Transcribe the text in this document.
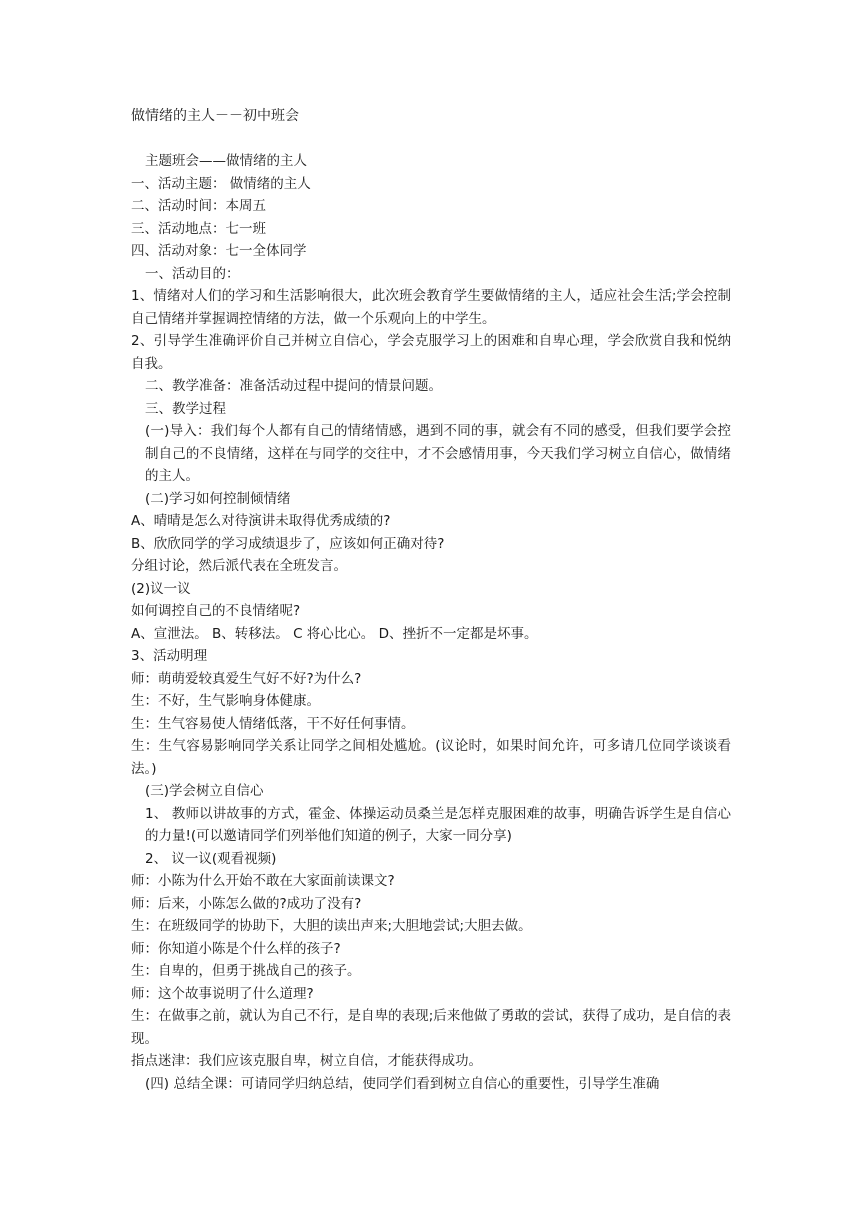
做情绪的主人－－初中班会
主题班会——做情绪的主人
一、活动主题： 做情绪的主人
二、活动时间：本周五
三、活动地点：七一班
四、活动对象：七一全体同学
一、活动目的：
1、情绪对人们的学习和生活影响很大，此次班会教育学生要做情绪的主人，适应社会生活;学会控制自己情绪并掌握调控情绪的方法，做一个乐观向上的中学生。
2、引导学生准确评价自己并树立自信心，学会克服学习上的困难和自卑心理，学会欣赏自我和悦纳自我。
二、教学准备：准备活动过程中提问的情景问题。
三、教学过程
(一)导入：我们每个人都有自己的情绪情感，遇到不同的事，就会有不同的感受，但我们要学会控制自己的不良情绪，这样在与同学的交往中，才不会感情用事，今天我们学习树立自信心，做情绪的主人。
(二)学习如何控制倾情绪
A、晴晴是怎么对待演讲未取得优秀成绩的?
B、欣欣同学的学习成绩退步了，应该如何正确对待?
分组讨论，然后派代表在全班发言。
(2)议一议
如何调控自己的不良情绪呢?
A、宣泄法。 B、转移法。 C 将心比心。 D、挫折不一定都是坏事。
3、活动明理
师：萌萌爱较真爱生气好不好?为什么?
生：不好，生气影响身体健康。
生：生气容易使人情绪低落，干不好任何事情。
生：生气容易影响同学关系让同学之间相处尴尬。(议论时，如果时间允许，可多请几位同学谈谈看法。)
(三)学会树立自信心
1、 教师以讲故事的方式，霍金、体操运动员桑兰是怎样克服困难的故事，明确告诉学生是自信心的力量!(可以邀请同学们列举他们知道的例子，大家一同分享)
2、 议一议(观看视频)
师：小陈为什么开始不敢在大家面前读课文?
师：后来，小陈怎么做的?成功了没有?
生：在班级同学的协助下，大胆的读出声来;大胆地尝试;大胆去做。
师：你知道小陈是个什么样的孩子?
生：自卑的，但勇于挑战自己的孩子。
师：这个故事说明了什么道理?
生：在做事之前，就认为自己不行，是自卑的表现;后来他做了勇敢的尝试，获得了成功，是自信的表现。
指点迷津：我们应该克服自卑，树立自信，才能获得成功。
(四) 总结全课：可请同学归纳总结，使同学们看到树立自信心的重要性，引导学生准确
